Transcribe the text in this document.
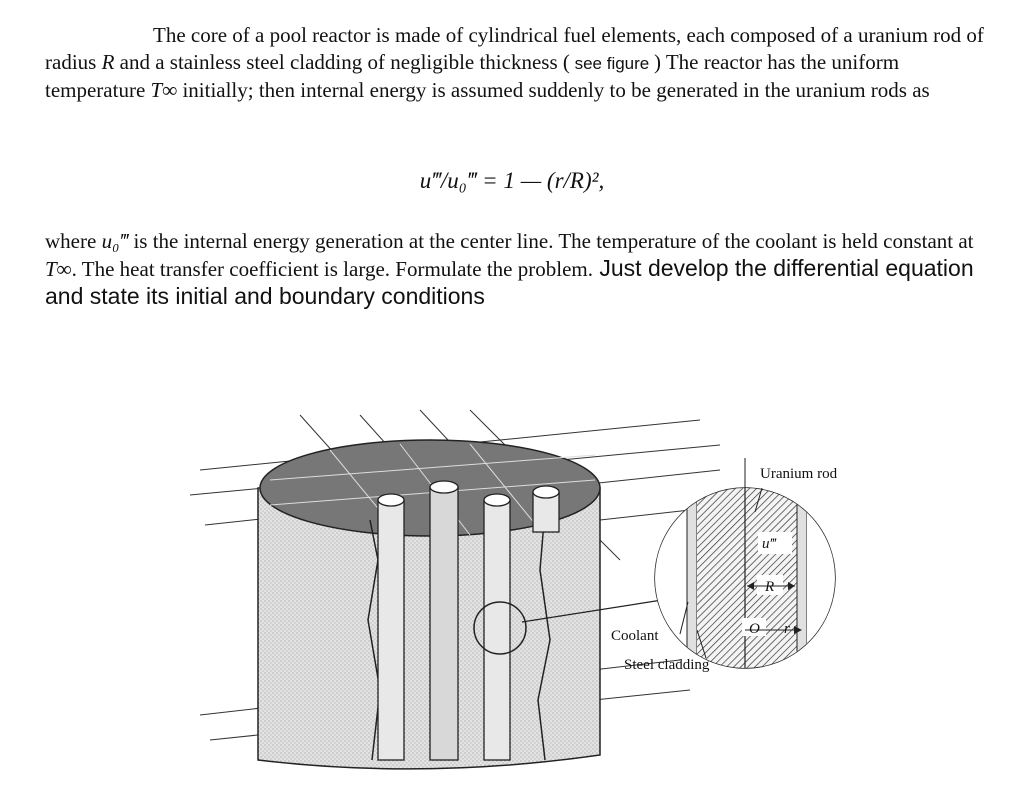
The core of a pool reactor is made of cylindrical fuel elements, each composed of a uranium rod of radius R and a stainless steel cladding of negligible thickness ( see figure ) The reactor has the uniform temperature T∞ initially; then internal energy is assumed suddenly to be generated in the uranium rods as
u‴/u₀‴ = 1 — (r/R)²,
where u₀‴ is the internal energy generation at the center line. The temperature of the coolant is held constant at T∞. The heat transfer coefficient is large. Formulate the problem. Just develop the differential equation and state its initial and boundary conditions
Uranium rod
u‴
R
O r
Coolant
Steel cladding
